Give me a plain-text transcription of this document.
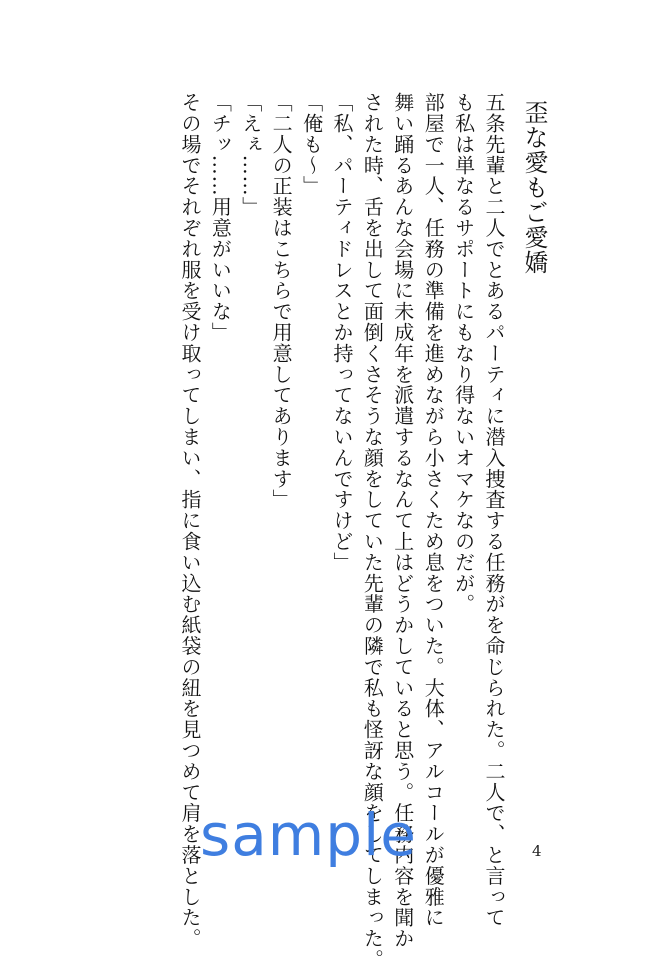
歪な愛もご愛嬌
五条先輩と二人でとあるパーティに潜入捜査する任務がを命じられた。二人で、と言って
も私は単なるサポートにもなり得ないオマケなのだが。
部屋で一人、任務の準備を進めながら小さくため息をついた。大体、アルコールが優雅に
舞い踊るあんな会場に未成年を派遣するなんて上はどうかしていると思う。任務内容を聞か
された時、舌を出して面倒くさそうな顔をしていた先輩の隣で私も怪訝な顔をしてしまった。
「私、パーティドレスとか持ってないんですけど」
「俺も～」
「二人の正装はこちらで用意してあります」
「えぇ……」
「チッ……用意がいいな」
その場でそれぞれ服を受け取ってしまい、指に食い込む紙袋の紐を見つめて肩を落とした。
sample	4
